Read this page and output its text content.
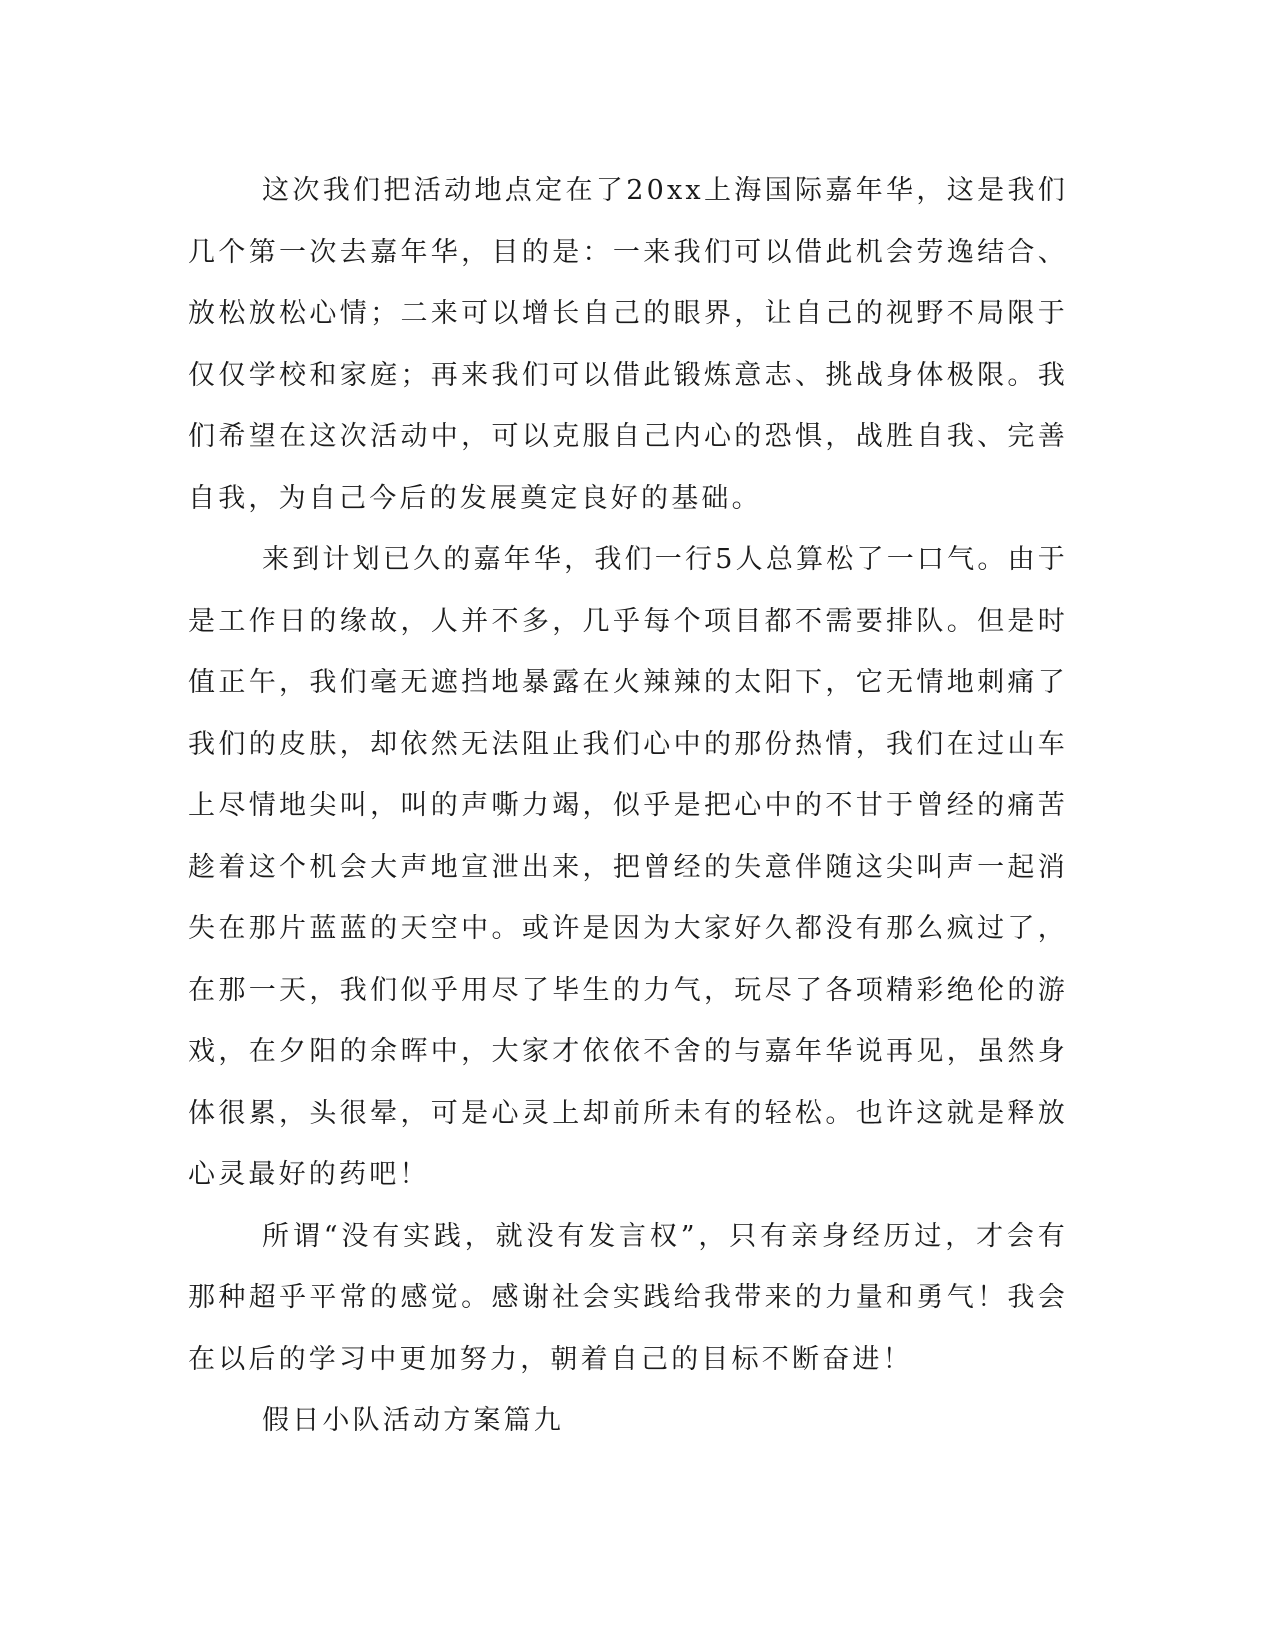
这次我们把活动地点定在了20xx上海国际嘉年华，这是我们几个第一次去嘉年华，目的是：一来我们可以借此机会劳逸结合、放松放松心情；二来可以增长自己的眼界，让自己的视野不局限于仅仅学校和家庭；再来我们可以借此锻炼意志、挑战身体极限。我们希望在这次活动中，可以克服自己内心的恐惧，战胜自我、完善自我，为自己今后的发展奠定良好的基础。

来到计划已久的嘉年华，我们一行5人总算松了一口气。由于是工作日的缘故，人并不多，几乎每个项目都不需要排队。但是时值正午，我们毫无遮挡地暴露在火辣辣的太阳下，它无情地刺痛了我们的皮肤，却依然无法阻止我们心中的那份热情，我们在过山车上尽情地尖叫，叫的声嘶力竭，似乎是把心中的不甘于曾经的痛苦趁着这个机会大声地宣泄出来，把曾经的失意伴随这尖叫声一起消失在那片蓝蓝的天空中。或许是因为大家好久都没有那么疯过了，在那一天，我们似乎用尽了毕生的力气，玩尽了各项精彩绝伦的游戏，在夕阳的余晖中，大家才依依不舍的与嘉年华说再见，虽然身体很累，头很晕，可是心灵上却前所未有的轻松。也许这就是释放心灵最好的药吧！

所谓“没有实践，就没有发言权”，只有亲身经历过，才会有那种超乎平常的感觉。感谢社会实践给我带来的力量和勇气！我会在以后的学习中更加努力，朝着自己的目标不断奋进！

假日小队活动方案篇九
